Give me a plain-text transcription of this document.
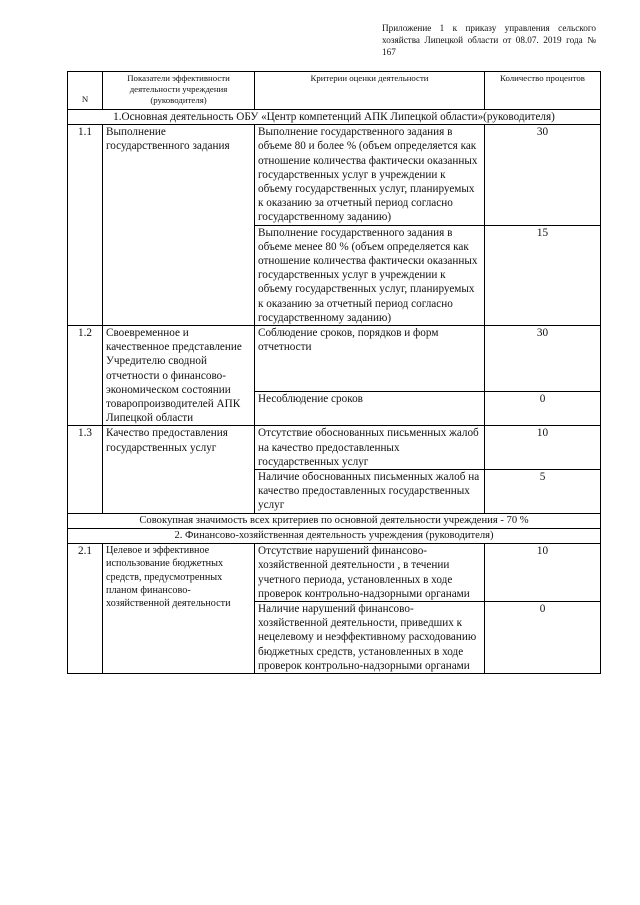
Приложение 1 к приказу управления сельского хозяйства Липецкой области от 08.07. 2019 года № 167
N	Показатели эффективности деятельности учреждения (руководителя)	Критерии оценки деятельности	Количество процентов
1.Основная деятельность ОБУ «Центр компетенций АПК Липецкой области»(руководителя)			
1.1	Выполнение государственного задания	Выполнение государственного задания в объеме 80 и более % (объем определяется как отношение количества фактически оказанных государственных услуг в учреждении к объему государственных услуг, планируемых к оказанию за отчетный период согласно государственному заданию)	30
		Выполнение государственного задания в объеме менее 80 % (объем определяется как отношение количества фактически оказанных государственных услуг в учреждении к объему государственных услуг, планируемых к оказанию за отчетный период согласно государственному заданию)	15
1.2	Своевременное и качественное представление Учредителю сводной отчетности о финансово-экономическом состоянии товаропроизводителей АПК Липецкой области	Соблюдение сроков, порядков и форм отчетности	30
		Несоблюдение сроков	0
1.3	Качество предоставления государственных услуг	Отсутствие обоснованных письменных жалоб на качество предоставленных государственных услуг	10
		Наличие обоснованных письменных жалоб на качество предоставленных государственных услуг	5
Совокупная значимость всех критериев по основной деятельности учреждения - 70 %			
2. Финансово-хозяйственная деятельность учреждения (руководителя)			
2.1	Целевое и эффективное использование бюджетных средств, предусмотренных планом финансово-хозяйственной деятельности	Отсутствие нарушений финансово-хозяйственной деятельности , в течении учетного периода, установленных в ходе проверок контрольно-надзорными органами	10
		Наличие нарушений финансово-хозяйственной деятельности, приведших к нецелевому и неэффективному расходованию бюджетных средств, установленных в ходе проверок контрольно-надзорными органами	0
